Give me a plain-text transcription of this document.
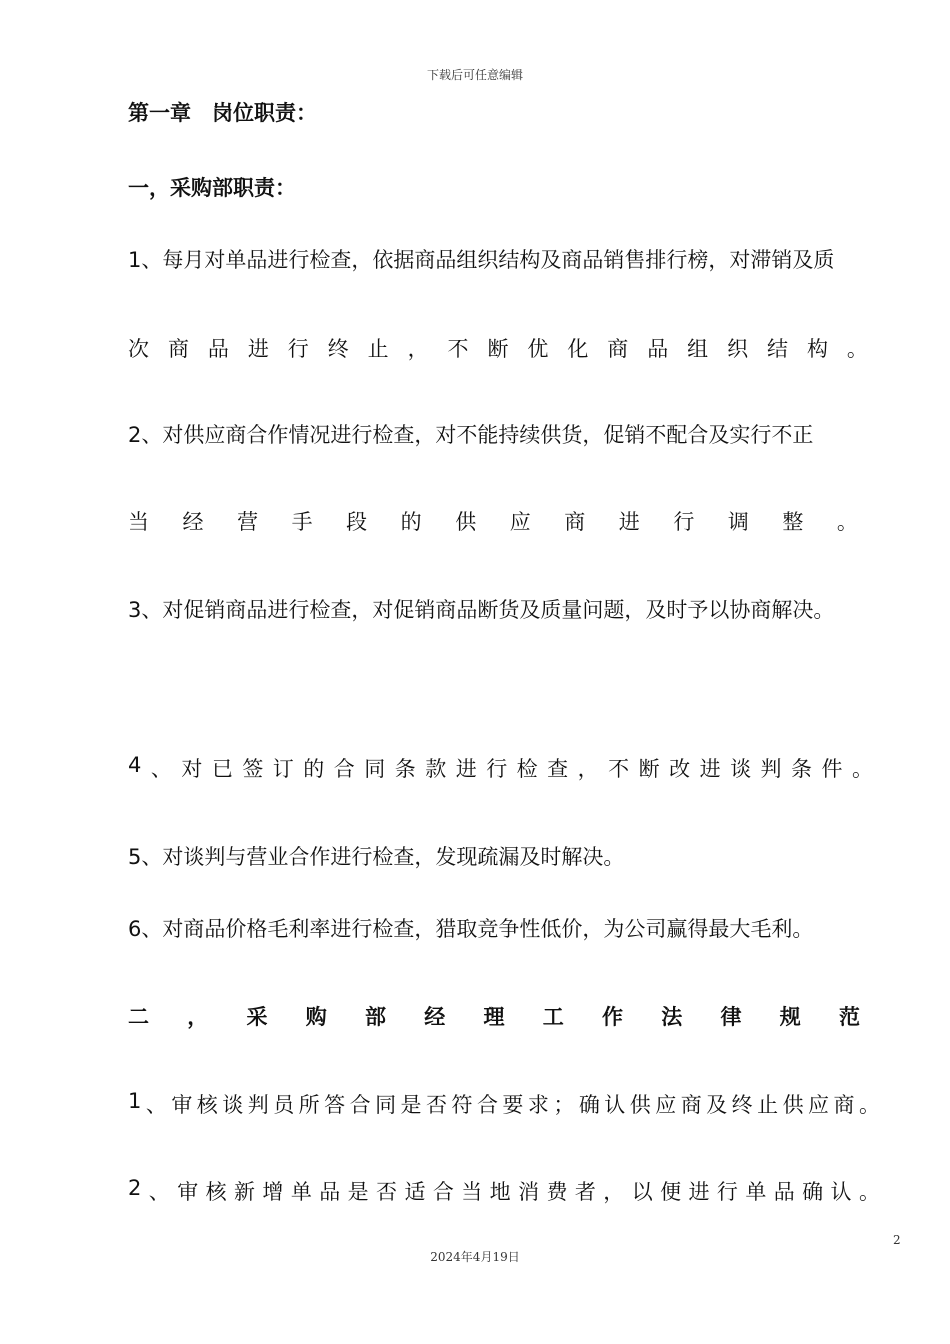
下载后可任意编辑
第一章　岗位职责：
一，采购部职责：
1、每月对单品进行检查，依据商品组织结构及商品销售排行榜，对滞销及质
次 商 品 进 行 终 止 ， 不 断 优 化 商 品 组 织 结 构 。
2、对供应商合作情况进行检查，对不能持续供货，促销不配合及实行不正
当 经 营 手 段 的 供 应 商 进 行 调 整 。
3、对促销商品进行检查，对促销商品断货及质量问题，及时予以协商解决。
4 、 对 已 签 订 的 合 同 条 款 进 行 检 查 ， 不 断 改 进 谈 判 条 件 。
5、对谈判与营业合作进行检查，发现疏漏及时解决。
6、对商品价格毛利率进行检查，猎取竞争性低价，为公司赢得最大毛利。
二 ， 采 购 部 经 理 工 作 法 律 规 范
1 、 审 核 谈 判 员 所 答 合 同 是 否 符 合 要 求 ； 确 认 供 应 商 及 终 止 供 应 商 。
2 、 审 核 新 增 单 品 是 否 适 合 当 地 消 费 者 ， 以 便 进 行 单 品 确 认 。
2
2024年4月19日
